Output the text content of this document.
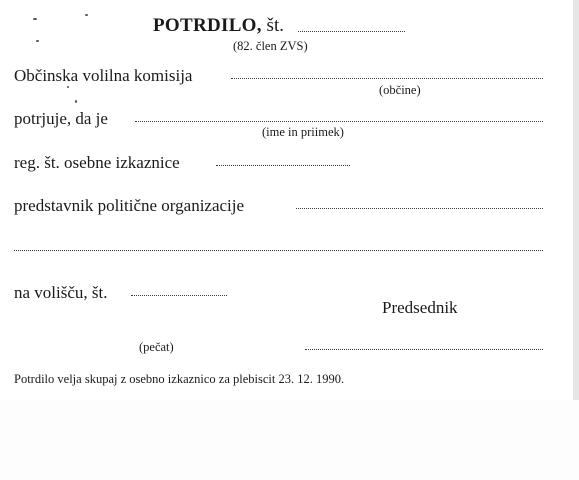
POTRDILO, št.
(82. člen ZVS)
Občinska volilna komisija
(občine)
potrjuje, da je
(ime in priimek)
reg. št. osebne izkaznice
predstavnik politične organizacije
na volišču, št.
Predsednik
(pečat)
Potrdilo velja skupaj z osebno izkaznico za plebiscit 23. 12. 1990.
